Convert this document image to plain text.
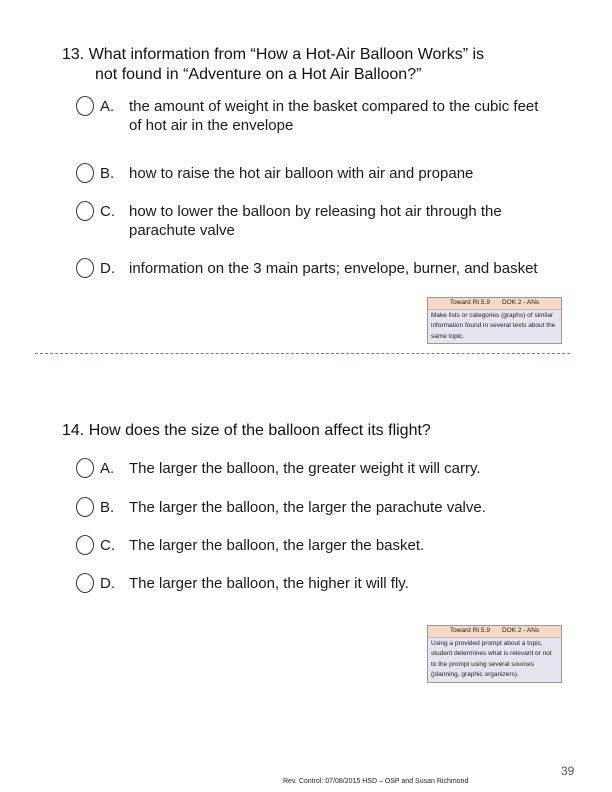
13. What information from “How a Hot-Air Balloon Works” is
not found in “Adventure on a Hot Air Balloon?”
A. the amount of weight in the basket compared to the cubic feet of hot air in the envelope
B. how to raise the hot air balloon with air and propane
C. how to lower the balloon by releasing hot air through the parachute valve
D. information on the 3 main parts; envelope, burner, and basket
Toward RI.5.9 DOK 2 - ANs
Make lists or categories (graphs) of similar information found in several texts about the same topic.
14. How does the size of the balloon affect its flight?
A. The larger the balloon, the greater weight it will carry.
B. The larger the balloon, the larger the parachute valve.
C. The larger the balloon, the larger the basket.
D. The larger the balloon, the higher it will fly.
Toward RI.5.9 DOK 2 - ANs
Using a provided prompt about a topic, student determines what is relevant or not to the prompt using several sources (planning, graphic organizers).
Rev. Control: 07/08/2015 HSD – OSP and Susan Richmond
39
